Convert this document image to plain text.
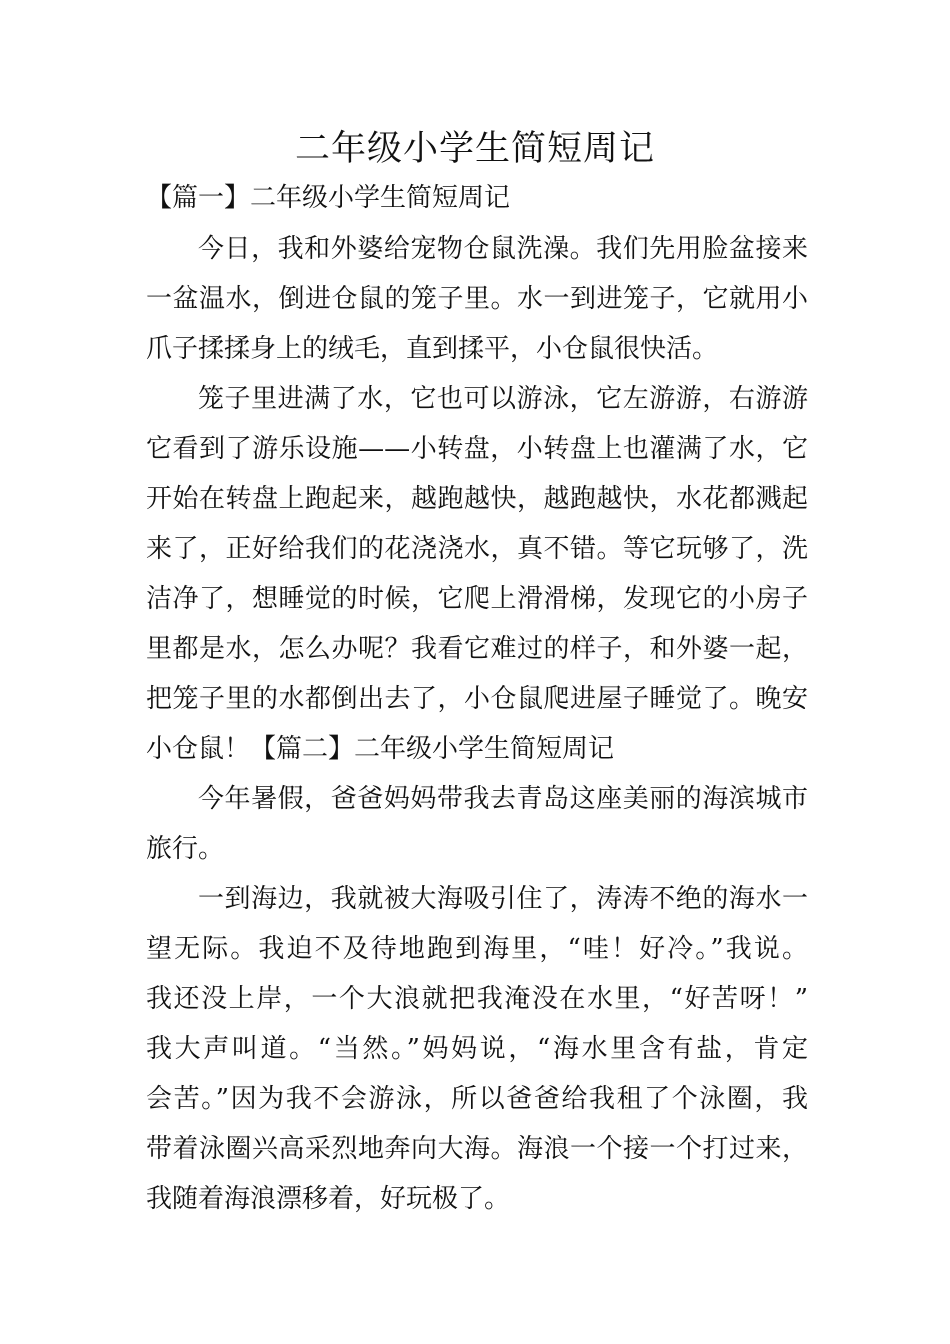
二年级小学生简短周记
【篇一】二年级小学生简短周记
今日，我和外婆给宠物仓鼠洗澡。我们先用脸盆接来
一盆温水，倒进仓鼠的笼子里。水一到进笼子，它就用小
爪子揉揉身上的绒毛，直到揉平，小仓鼠很快活。
笼子里进满了水，它也可以游泳，它左游游，右游游
它看到了游乐设施——小转盘，小转盘上也灌满了水，它
开始在转盘上跑起来，越跑越快，越跑越快，水花都溅起
来了，正好给我们的花浇浇水，真不错。等它玩够了，洗
洁净了，想睡觉的时候，它爬上滑滑梯，发现它的小房子
里都是水，怎么办呢？我看它难过的样子，和外婆一起，
把笼子里的水都倒出去了，小仓鼠爬进屋子睡觉了。晚安
小仓鼠！【篇二】二年级小学生简短周记
今年暑假，爸爸妈妈带我去青岛这座美丽的海滨城市
旅行。
一到海边，我就被大海吸引住了，涛涛不绝的海水一
望无际。我迫不及待地跑到海里，“哇！好冷。”我说。
我还没上岸，一个大浪就把我淹没在水里，“好苦呀！”
我大声叫道。“当然。”妈妈说，“海水里含有盐，肯定
会苦。”因为我不会游泳，所以爸爸给我租了个泳圈，我
带着泳圈兴高采烈地奔向大海。海浪一个接一个打过来，
我随着海浪漂移着，好玩极了。
